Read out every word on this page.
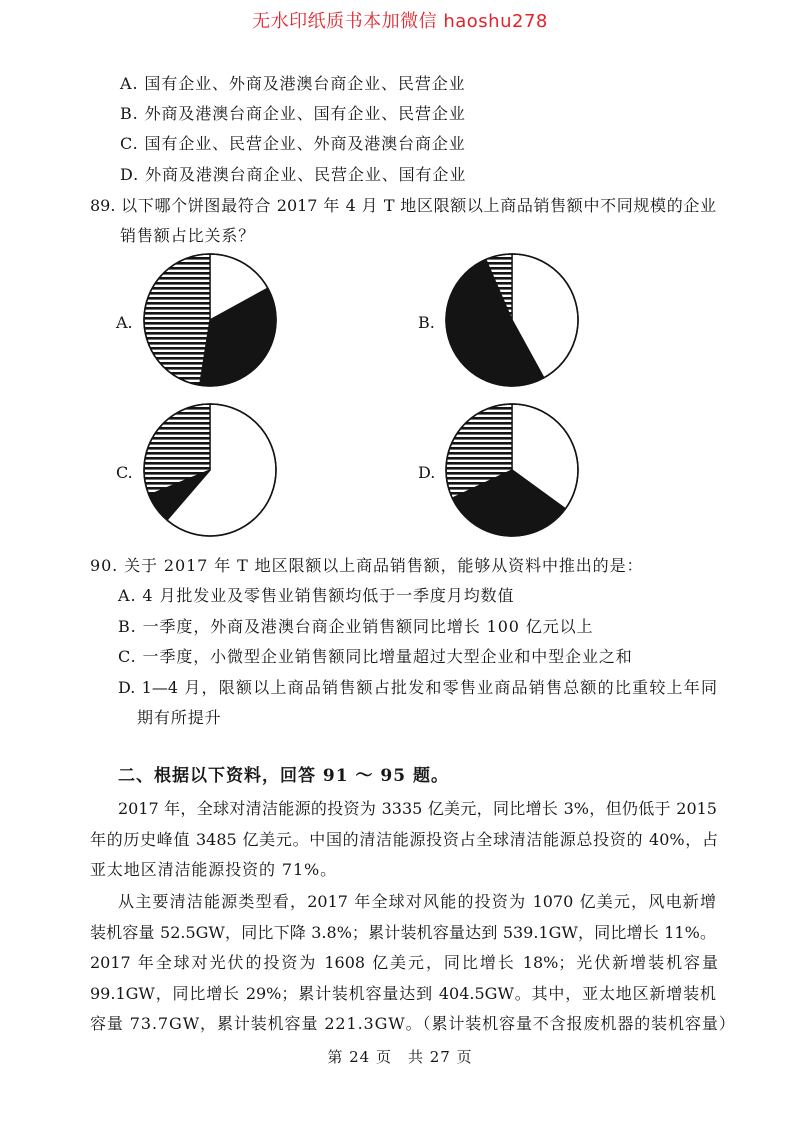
无水印纸质书本加微信 haoshu278
A. 国有企业、外商及港澳台商企业、民营企业
B. 外商及港澳台商企业、国有企业、民营企业
C. 国有企业、民营企业、外商及港澳台商企业
D. 外商及港澳台商企业、民营企业、国有企业
89. 以下哪个饼图最符合 2017 年 4 月 T 地区限额以上商品销售额中不同规模的企业
销售额占比关系？
A.	B.
C.	D.
90. 关于 2017 年 T 地区限额以上商品销售额，能够从资料中推出的是：
A. 4 月批发业及零售业销售额均低于一季度月均数值
B. 一季度，外商及港澳台商企业销售额同比增长 100 亿元以上
C. 一季度，小微型企业销售额同比增量超过大型企业和中型企业之和
D. 1—4 月，限额以上商品销售额占批发和零售业商品销售总额的比重较上年同
期有所提升
二、根据以下资料，回答 91 ～ 95 题。
2017 年，全球对清洁能源的投资为 3335 亿美元，同比增长 3%，但仍低于 2015
年的历史峰值 3485 亿美元。中国的清洁能源投资占全球清洁能源总投资的 40%，占
亚太地区清洁能源投资的 71%。
从主要清洁能源类型看，2017 年全球对风能的投资为 1070 亿美元，风电新增
装机容量 52.5GW，同比下降 3.8%；累计装机容量达到 539.1GW，同比增长 11%。
2017 年全球对光伏的投资为 1608 亿美元，同比增长 18%；光伏新增装机容量
99.1GW，同比增长 29%；累计装机容量达到 404.5GW。其中，亚太地区新增装机
容量 73.7GW，累计装机容量 221.3GW。（累计装机容量不含报废机器的装机容量）
第 24 页　共 27 页
